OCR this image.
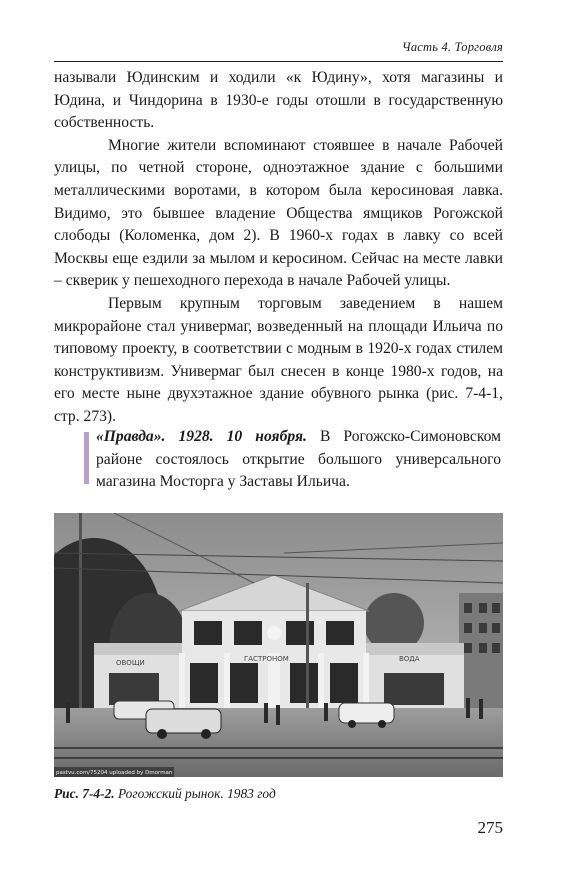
Часть 4. Торговля

называли Юдинским и ходили «к Юдину», хотя магазины и Юдина, и Чиндорина в 1930-е годы отошли в государственную собственность.

Многие жители вспоминают стоявшее в начале Рабочей улицы, по четной стороне, одноэтажное здание с большими металлическими воротами, в котором была керосиновая лавка. Видимо, это бывшее владение Общества ямщиков Рогожской слободы (Коломенка, дом 2). В 1960-х годах в лавку со всей Москвы еще ездили за мылом и керосином. Сейчас на месте лавки – скверик у пешеходного перехода в начале Рабочей улицы.

Первым крупным торговым заведением в нашем микрорайоне стал универмаг, возведенный на площади Ильича по типовому проекту, в соответствии с модным в 1920-х годах стилем конструктивизм. Универмаг был снесен в конце 1980-х годов, на его месте ныне двухэтажное здание обувного рынка (рис. 7-4-1, стр. 273).

«Правда». 1928. 10 ноября. В Рогожско-Симоновском районе состоялось открытие большого универсального магазина Мосторга у Заставы Ильича.
ОВОЩИ	ГАСТРОНОМ	ВОДА
pastvu.com/75204 uploaded by Dmorman
Рис. 7-4-2. Рогожский рынок. 1983 год
275
